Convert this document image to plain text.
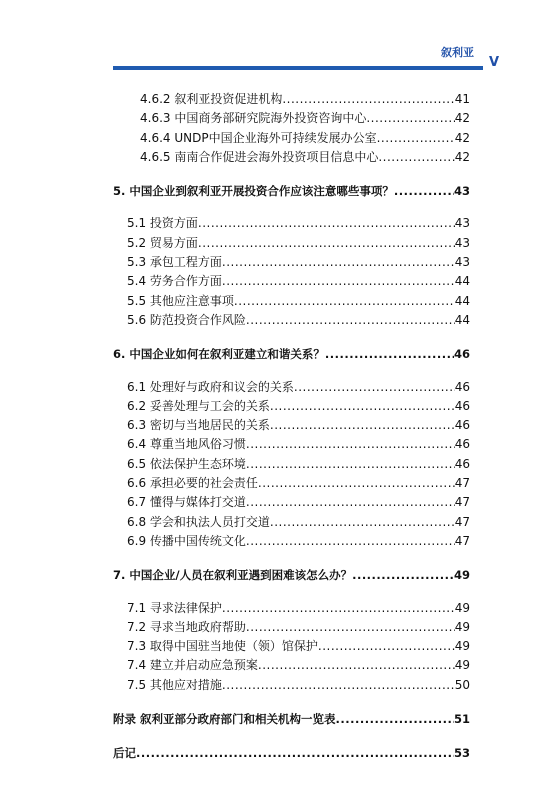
叙利亚
V
4.6.2 叙利亚投资促进机构 .....	41
4.6.3 中国商务部研究院海外投资咨询中心 .....	42
4.6.4 UNDP中国企业海外可持续发展办公室 .....	42
4.6.5 南南合作促进会海外投资项目信息中心 .....	42
5. 中国企业到叙利亚开展投资合作应该注意哪些事项？ .....	43
5.1 投资方面 .....	43
5.2 贸易方面 .....	43
5.3 承包工程方面 .....	43
5.4 劳务合作方面 .....	44
5.5 其他应注意事项 .....	44
5.6 防范投资合作风险 .....	44
6. 中国企业如何在叙利亚建立和谐关系？ .....	46
6.1 处理好与政府和议会的关系 .....	46
6.2 妥善处理与工会的关系 .....	46
6.3 密切与当地居民的关系 .....	46
6.4 尊重当地风俗习惯 .....	46
6.5 依法保护生态环境 .....	46
6.6 承担必要的社会责任 .....	47
6.7 懂得与媒体打交道 .....	47
6.8 学会和执法人员打交道 .....	47
6.9 传播中国传统文化 .....	47
7. 中国企业/人员在叙利亚遇到困难该怎么办？ .....	49
7.1 寻求法律保护 .....	49
7.2 寻求当地政府帮助 .....	49
7.3 取得中国驻当地使（领）馆保护 .....	49
7.4 建立并启动应急预案 .....	49
7.5 其他应对措施 .....	50
附录 叙利亚部分政府部门和相关机构一览表 .....	51
后记 .....	53
